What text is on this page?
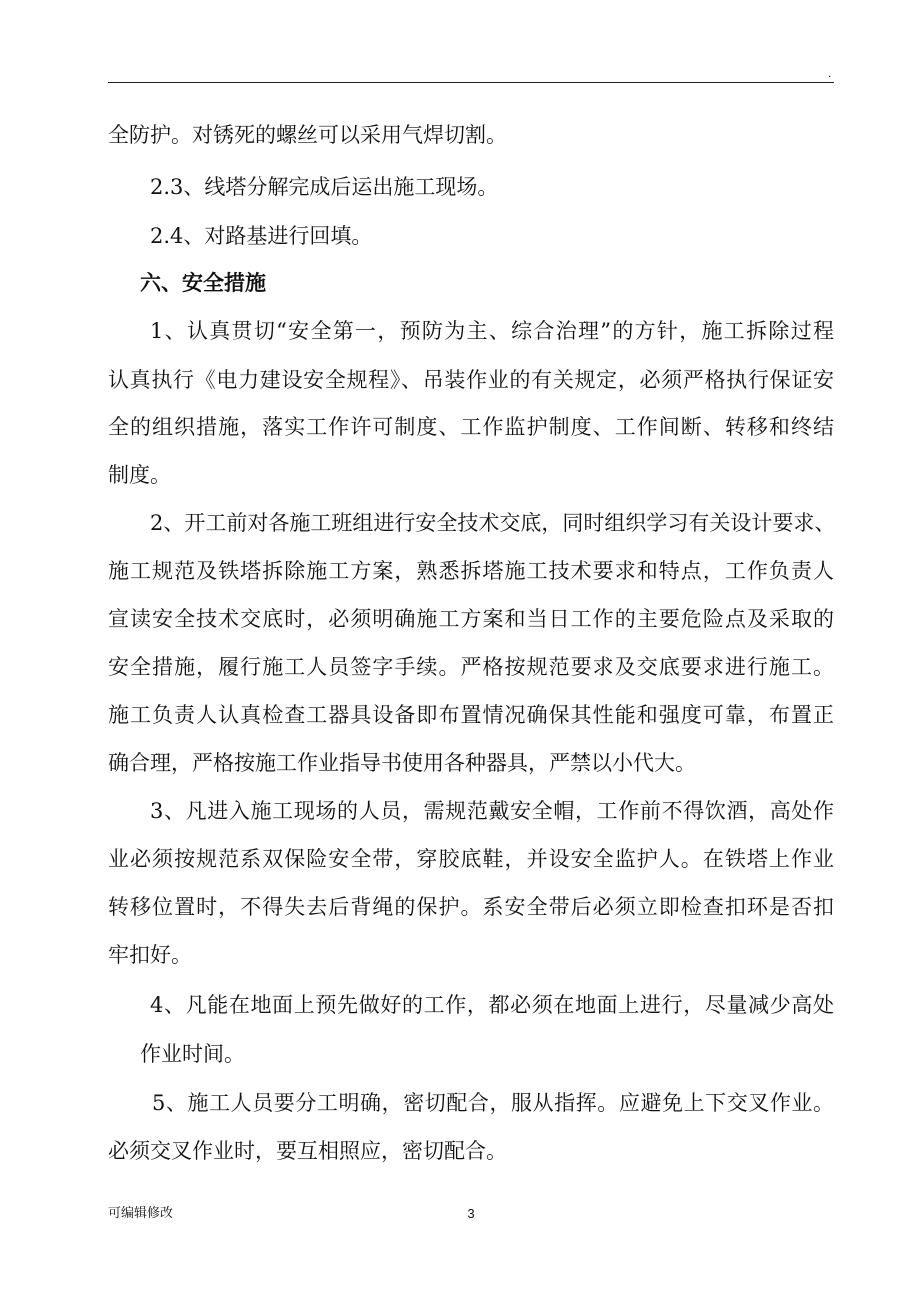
.
全防护。对锈死的螺丝可以采用气焊切割。
2.3、线塔分解完成后运出施工现场。
2.4、对路基进行回填。
六、安全措施
1、认真贯切“安全第一，预防为主、综合治理”的方针，施工拆除过程
认真执行《电力建设安全规程》、吊装作业的有关规定，必须严格执行保证安
全的组织措施，落实工作许可制度、工作监护制度、工作间断、转移和终结
制度。
2、开工前对各施工班组进行安全技术交底，同时组织学习有关设计要求、
施工规范及铁塔拆除施工方案，熟悉拆塔施工技术要求和特点，工作负责人
宣读安全技术交底时，必须明确施工方案和当日工作的主要危险点及采取的
安全措施，履行施工人员签字手续。严格按规范要求及交底要求进行施工。
施工负责人认真检查工器具设备即布置情况确保其性能和强度可靠，布置正
确合理，严格按施工作业指导书使用各种器具，严禁以小代大。
3、凡进入施工现场的人员，需规范戴安全帽，工作前不得饮酒，高处作
业必须按规范系双保险安全带，穿胶底鞋，并设安全监护人。在铁塔上作业
转移位置时，不得失去后背绳的保护。系安全带后必须立即检查扣环是否扣
牢扣好。
4、凡能在地面上预先做好的工作，都必须在地面上进行，尽量减少高处
作业时间。
5、施工人员要分工明确，密切配合，服从指挥。应避免上下交叉作业。
必须交叉作业时，要互相照应，密切配合。
可编辑修改	3
